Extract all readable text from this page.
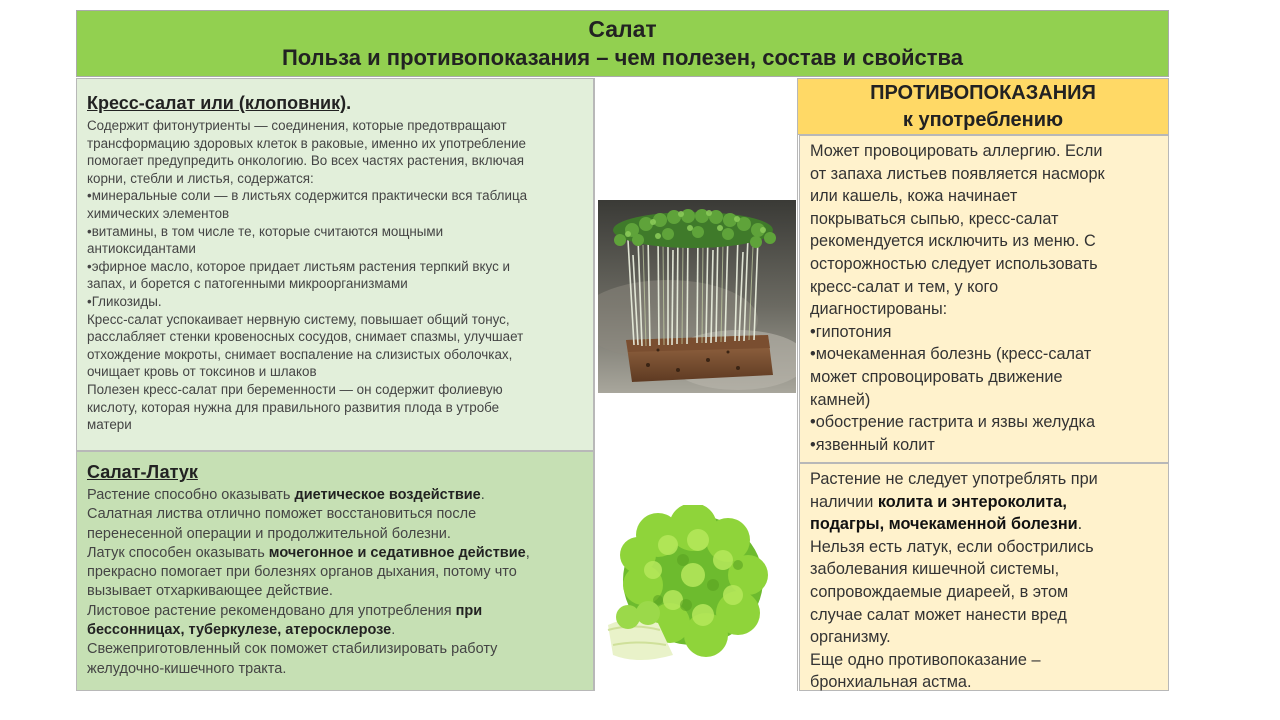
Салат
Польза и противопоказания – чем полезен, состав и свойства
Кресс-салат или (клоповник).
Содержит фитонутриенты — соединения, которые предотвращают
трансформацию здоровых клеток в раковые, именно их употребление
помогает предупредить онкологию. Во всех частях растения, включая
корни, стебли и листья, содержатся:
•минеральные соли — в листьях содержится практически вся таблица
химических элементов
•витамины, в том числе те, которые считаются мощными
антиоксидантами
•эфирное масло, которое придает листьям растения терпкий вкус и
запах, и борется с патогенными микроорганизмами
•Гликозиды.
Кресс-салат успокаивает нервную систему, повышает общий тонус,
расслабляет стенки кровеносных сосудов, снимает спазмы, улучшает
отхождение мокроты, снимает воспаление на слизистых оболочках,
очищает кровь от токсинов и шлаков
Полезен кресс-салат при беременности — он содержит фолиевую
кислоту, которая нужна для правильного развития плода в утробе
матери
Салат-Латук
Растение способно оказывать диетическое воздействие.
Салатная листва отлично поможет восстановиться после
перенесенной операции и продолжительной болезни.
Латук способен оказывать мочегонное и седативное действие,
прекрасно помогает при болезнях органов дыхания, потому что
вызывает отхаркивающее действие.
Листовое растение рекомендовано для употребления при
бессонницах, туберкулезе, атеросклерозе.
Свежеприготовленный сок поможет стабилизировать работу
желудочно-кишечного тракта.
ПРОТИВОПОКАЗАНИЯ
к употреблению
Может провоцировать аллергию. Если
от запаха листьев появляется насморк
или кашель, кожа начинает
покрываться сыпью, кресс-салат
рекомендуется исключить из меню. С
осторожностью следует использовать
кресс-салат и тем, у кого
диагностированы:
•гипотония
•мочекаменная болезнь (кресс-салат
может спровоцировать движение
камней)
•обострение гастрита и язвы желудка
•язвенный колит
Растение не следует употреблять при
наличии колита и энтероколита,
подагры, мочекаменной болезни.
Нельзя есть латук, если обострились
заболевания кишечной системы,
сопровождаемые диареей, в этом
случае салат может нанести вред
организму.
Еще одно противопоказание –
бронхиальная астма.
